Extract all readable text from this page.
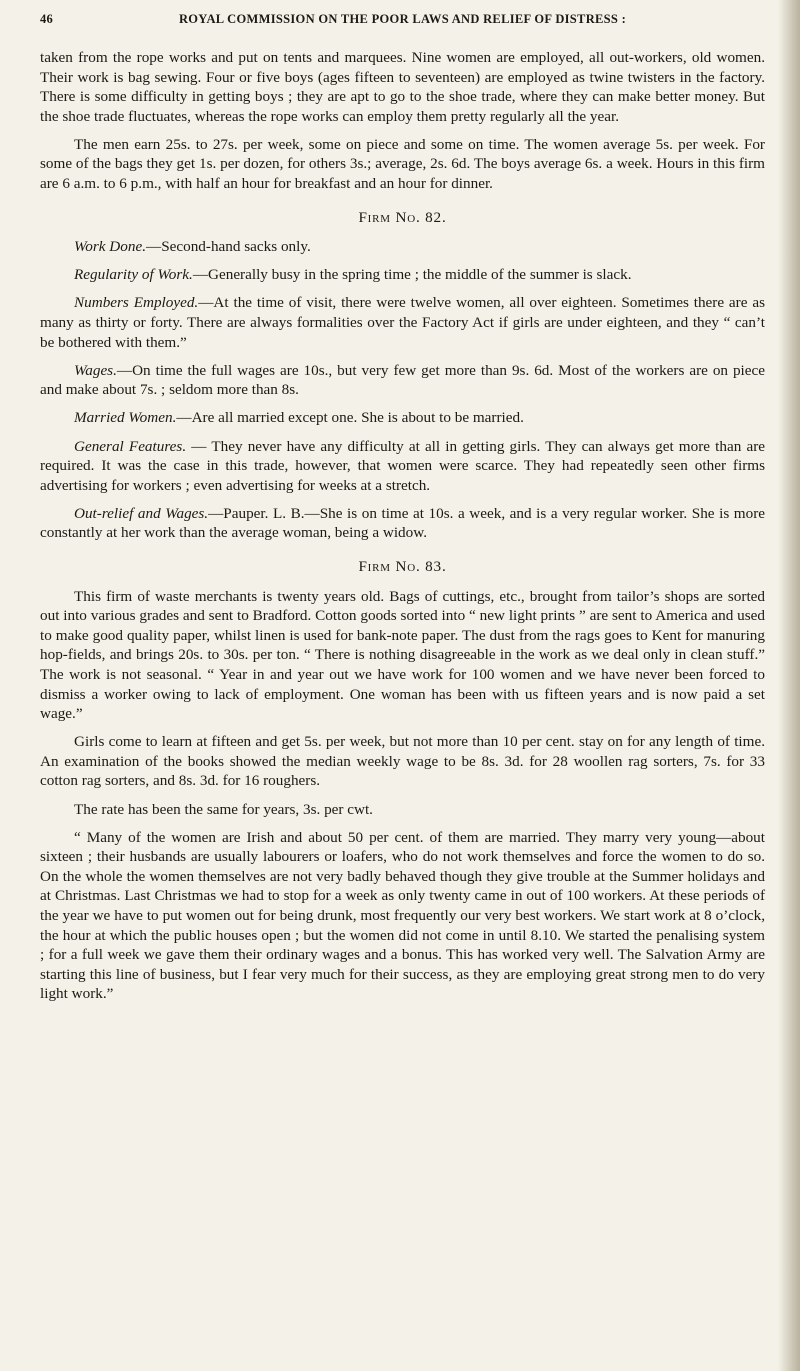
46	ROYAL COMMISSION ON THE POOR LAWS AND RELIEF OF DISTRESS :

taken from the rope works and put on tents and marquees. Nine women are employed, all out-workers, old women. Their work is bag sewing. Four or five boys (ages fifteen to seventeen) are employed as twine twisters in the factory. There is some difficulty in getting boys ; they are apt to go to the shoe trade, where they can make better money. But the shoe trade fluctuates, whereas the rope works can employ them pretty regularly all the year.

The men earn 25s. to 27s. per week, some on piece and some on time. The women average 5s. per week. For some of the bags they get 1s. per dozen, for others 3s.; average, 2s. 6d. The boys average 6s. a week. Hours in this firm are 6 a.m. to 6 p.m., with half an hour for breakfast and an hour for dinner.

Firm No. 82.

Work Done.—Second-hand sacks only.

Regularity of Work.—Generally busy in the spring time ; the middle of the summer is slack.

Numbers Employed.—At the time of visit, there were twelve women, all over eighteen. Sometimes there are as many as thirty or forty. There are always formalities over the Factory Act if girls are under eighteen, and they “ can’t be bothered with them.”

Wages.—On time the full wages are 10s., but very few get more than 9s. 6d. Most of the workers are on piece and make about 7s. ; seldom more than 8s.

Married Women.—Are all married except one. She is about to be married.

General Features. — They never have any difficulty at all in getting girls. They can always get more than are required. It was the case in this trade, however, that women were scarce. They had repeatedly seen other firms advertising for workers ; even advertising for weeks at a stretch.

Out-relief and Wages.—Pauper. L. B.—She is on time at 10s. a week, and is a very regular worker. She is more constantly at her work than the average woman, being a widow.

Firm No. 83.

This firm of waste merchants is twenty years old. Bags of cuttings, etc., brought from tailor’s shops are sorted out into various grades and sent to Bradford. Cotton goods sorted into “ new light prints ” are sent to America and used to make good quality paper, whilst linen is used for bank-note paper. The dust from the rags goes to Kent for manuring hop-fields, and brings 20s. to 30s. per ton. “ There is nothing disagreeable in the work as we deal only in clean stuff.” The work is not seasonal. “ Year in and year out we have work for 100 women and we have never been forced to dismiss a worker owing to lack of employment. One woman has been with us fifteen years and is now paid a set wage.”

Girls come to learn at fifteen and get 5s. per week, but not more than 10 per cent. stay on for any length of time. An examination of the books showed the median weekly wage to be 8s. 3d. for 28 woollen rag sorters, 7s. for 33 cotton rag sorters, and 8s. 3d. for 16 roughers.

The rate has been the same for years, 3s. per cwt.

“ Many of the women are Irish and about 50 per cent. of them are married. They marry very young—about sixteen ; their husbands are usually labourers or loafers, who do not work themselves and force the women to do so. On the whole the women themselves are not very badly behaved though they give trouble at the Summer holidays and at Christmas. Last Christmas we had to stop for a week as only twenty came in out of 100 workers. At these periods of the year we have to put women out for being drunk, most frequently our very best workers. We start work at 8 o’clock, the hour at which the public houses open ; but the women did not come in until 8.10. We started the penalising system ; for a full week we gave them their ordinary wages and a bonus. This has worked very well. The Salvation Army are starting this line of business, but I fear very much for their success, as they are employing great strong men to do very light work.”
